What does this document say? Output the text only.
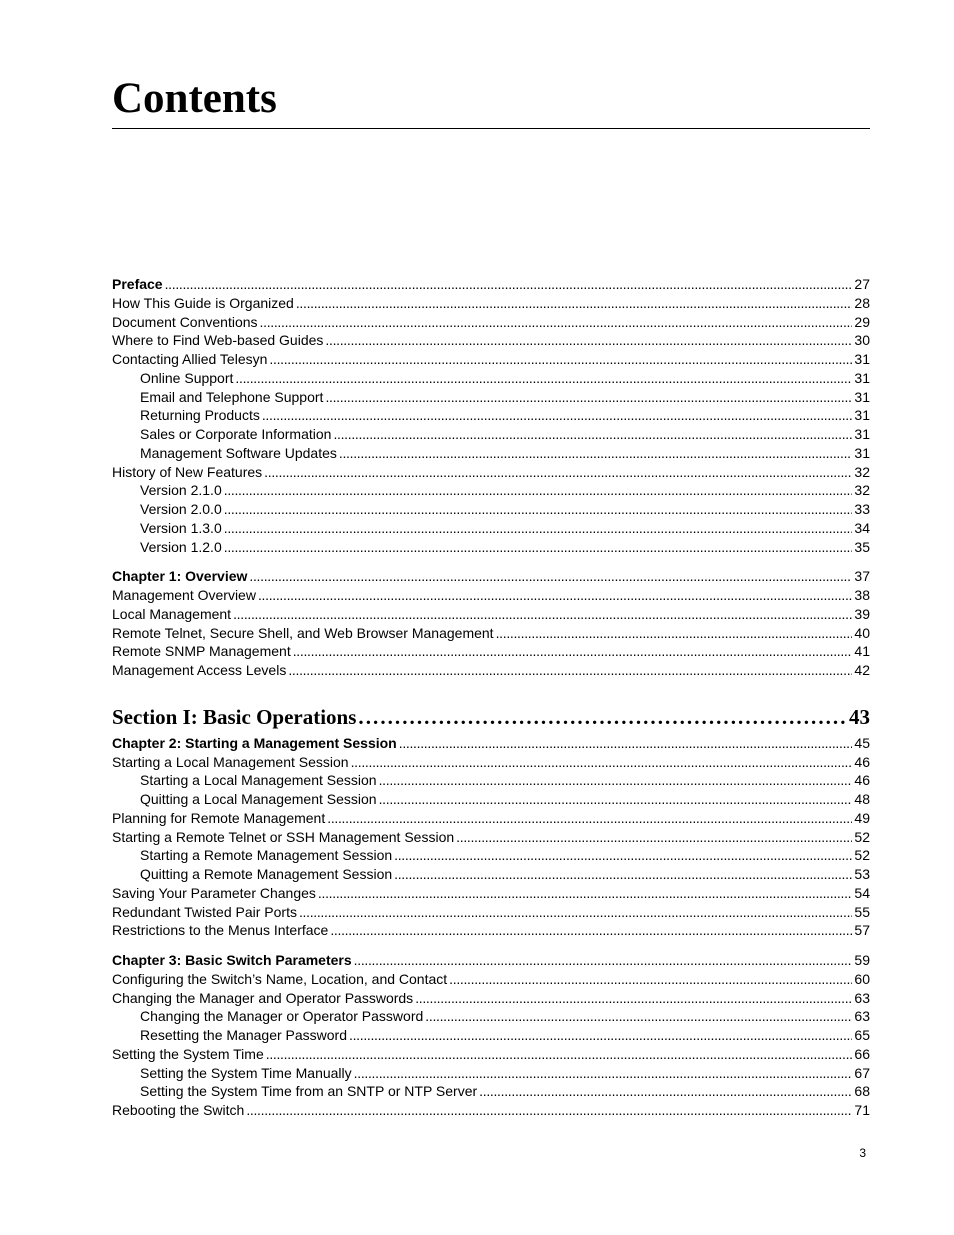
Contents
Preface . . .	27
How This Guide is Organized . . .	28
Document Conventions . . .	29
Where to Find Web-based Guides . . .	30
Contacting Allied Telesyn . . .	31
Online Support . . .	31
Email and Telephone Support . . .	31
Returning Products . . .	31
Sales or Corporate Information . . .	31
Management Software Updates . . .	31
History of New Features . . .	32
Version 2.1.0 . . .	32
Version 2.0.0 . . .	33
Version 1.3.0 . . .	34
Version 1.2.0 . . .	35
Chapter 1: Overview . . .	37
Management Overview . . .	38
Local Management . . .	39
Remote Telnet, Secure Shell, and Web Browser Management . . .	40
Remote SNMP Management . . .	41
Management Access Levels . . .	42
Section I: Basic Operations . . .	43
Chapter 2: Starting a Management Session . . .	45
Starting a Local Management Session . . .	46
Starting a Local Management Session . . .	46
Quitting a Local Management Session . . .	48
Planning for Remote Management . . .	49
Starting a Remote Telnet or SSH Management Session . . .	52
Starting a Remote Management Session . . .	52
Quitting a Remote Management Session . . .	53
Saving Your Parameter Changes . . .	54
Redundant Twisted Pair Ports . . .	55
Restrictions to the Menus Interface . . .	57
Chapter 3: Basic Switch Parameters . . .	59
Configuring the Switch’s Name, Location, and Contact . . .	60
Changing the Manager and Operator Passwords . . .	63
Changing the Manager or Operator Password . . .	63
Resetting the Manager Password . . .	65
Setting the System Time . . .	66
Setting the System Time Manually . . .	67
Setting the System Time from an SNTP or NTP Server . . .	68
Rebooting the Switch . . .	71
3
